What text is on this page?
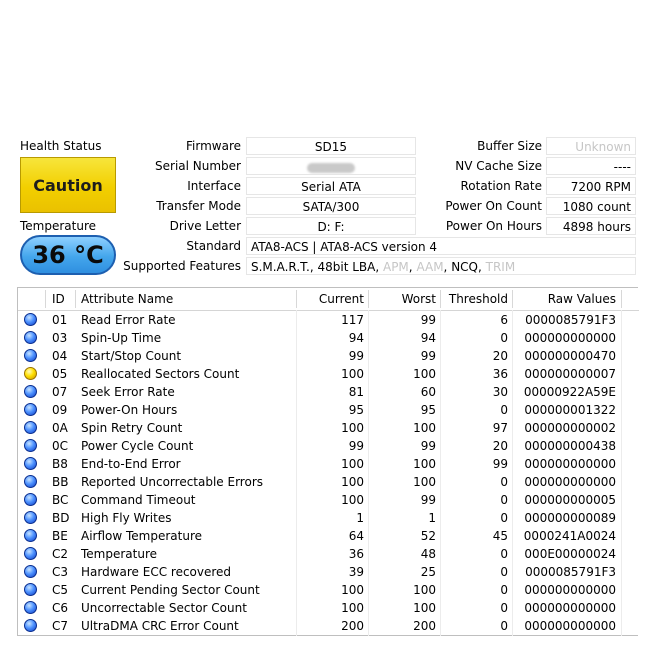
Health Status
Caution
Temperature
36 °C
Firmware	SD15
Serial Number
Interface	Serial ATA
Transfer Mode	SATA/300
Drive Letter	D: F:
Standard ATA8-ACS | ATA8-ACS version 4
Supported Features S.M.A.R.T., 48bit LBA, APM, AAM, NCQ, TRIM
Buffer Size	Unknown
NV Cache Size	----
Rotation Rate	7200 RPM
Power On Count	1080 count
Power On Hours	4898 hours
ID	Attribute Name	Current	Worst	Threshold	Raw Values
01	Read Error Rate	117	99	6	0000085791F3
03	Spin-Up Time	94	94	0	000000000000
04	Start/Stop Count	99	99	20	000000000470
05	Reallocated Sectors Count	100	100	36	000000000007
07	Seek Error Rate	81	60	30	00000922A59E
09	Power-On Hours	95	95	0	000000001322
0A	Spin Retry Count	100	100	97	000000000002
0C	Power Cycle Count	99	99	20	000000000438
B8	End-to-End Error	100	100	99	000000000000
BB Reported Uncorrectable Errors	100	100	0	000000000000
BC Command Timeout	100	99	0	000000000005
BD High Fly Writes	1	1	0	000000000089
BE	Airflow Temperature	64	52	45	0000241A0024
C2	Temperature	36	48	0	000E00000024
C3	Hardware ECC recovered	39	25	0	0000085791F3
C5	Current Pending Sector Count	100	100	0	000000000000
C6	Uncorrectable Sector Count	100	100	0	000000000000
C7	UltraDMA CRC Error Count	200	200	0	000000000000
